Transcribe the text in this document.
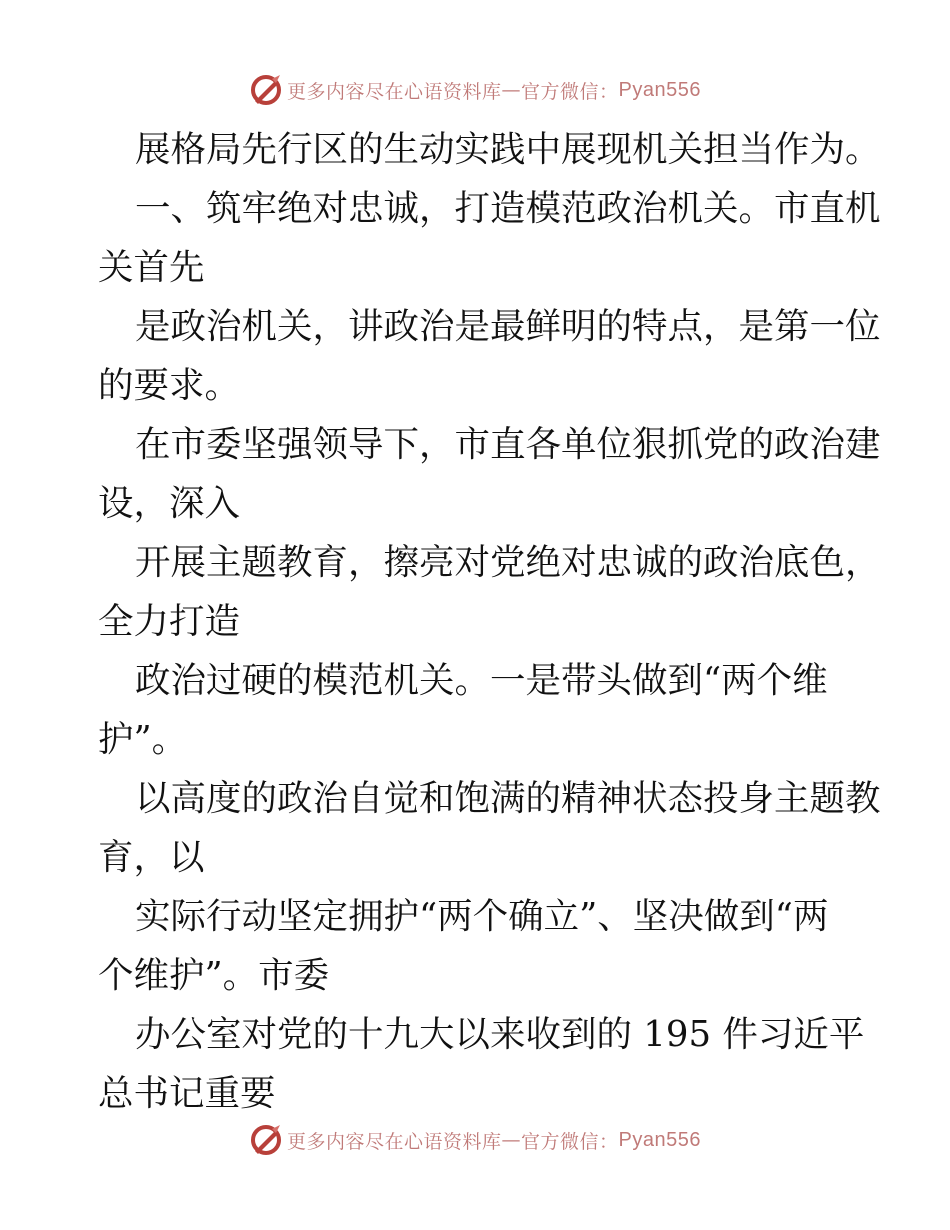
更多内容尽在心语资料库 — 官方微信： Pyan556
展格局先行区的生动实践中展现机关担当作为。
一、筑牢绝对忠诚，打造模范政治机关。市直机
关首先
是政治机关，讲政治是最鲜明的特点，是第一位
的要求。
在市委坚强领导下，市直各单位狠抓党的政治建
设，深入
开展主题教育，擦亮对党绝对忠诚的政治底色，
全力打造
政治过硬的模范机关。一是带头做到“两个维
护”。
以高度的政治自觉和饱满的精神状态投身主题教
育，以
实际行动坚定拥护“两个确立”、坚决做到“两
个维护”。市委
办公室对党的十九大以来收到的 195 件习近平
总书记重要
更多内容尽在心语资料库 — 官方微信： Pyan556
